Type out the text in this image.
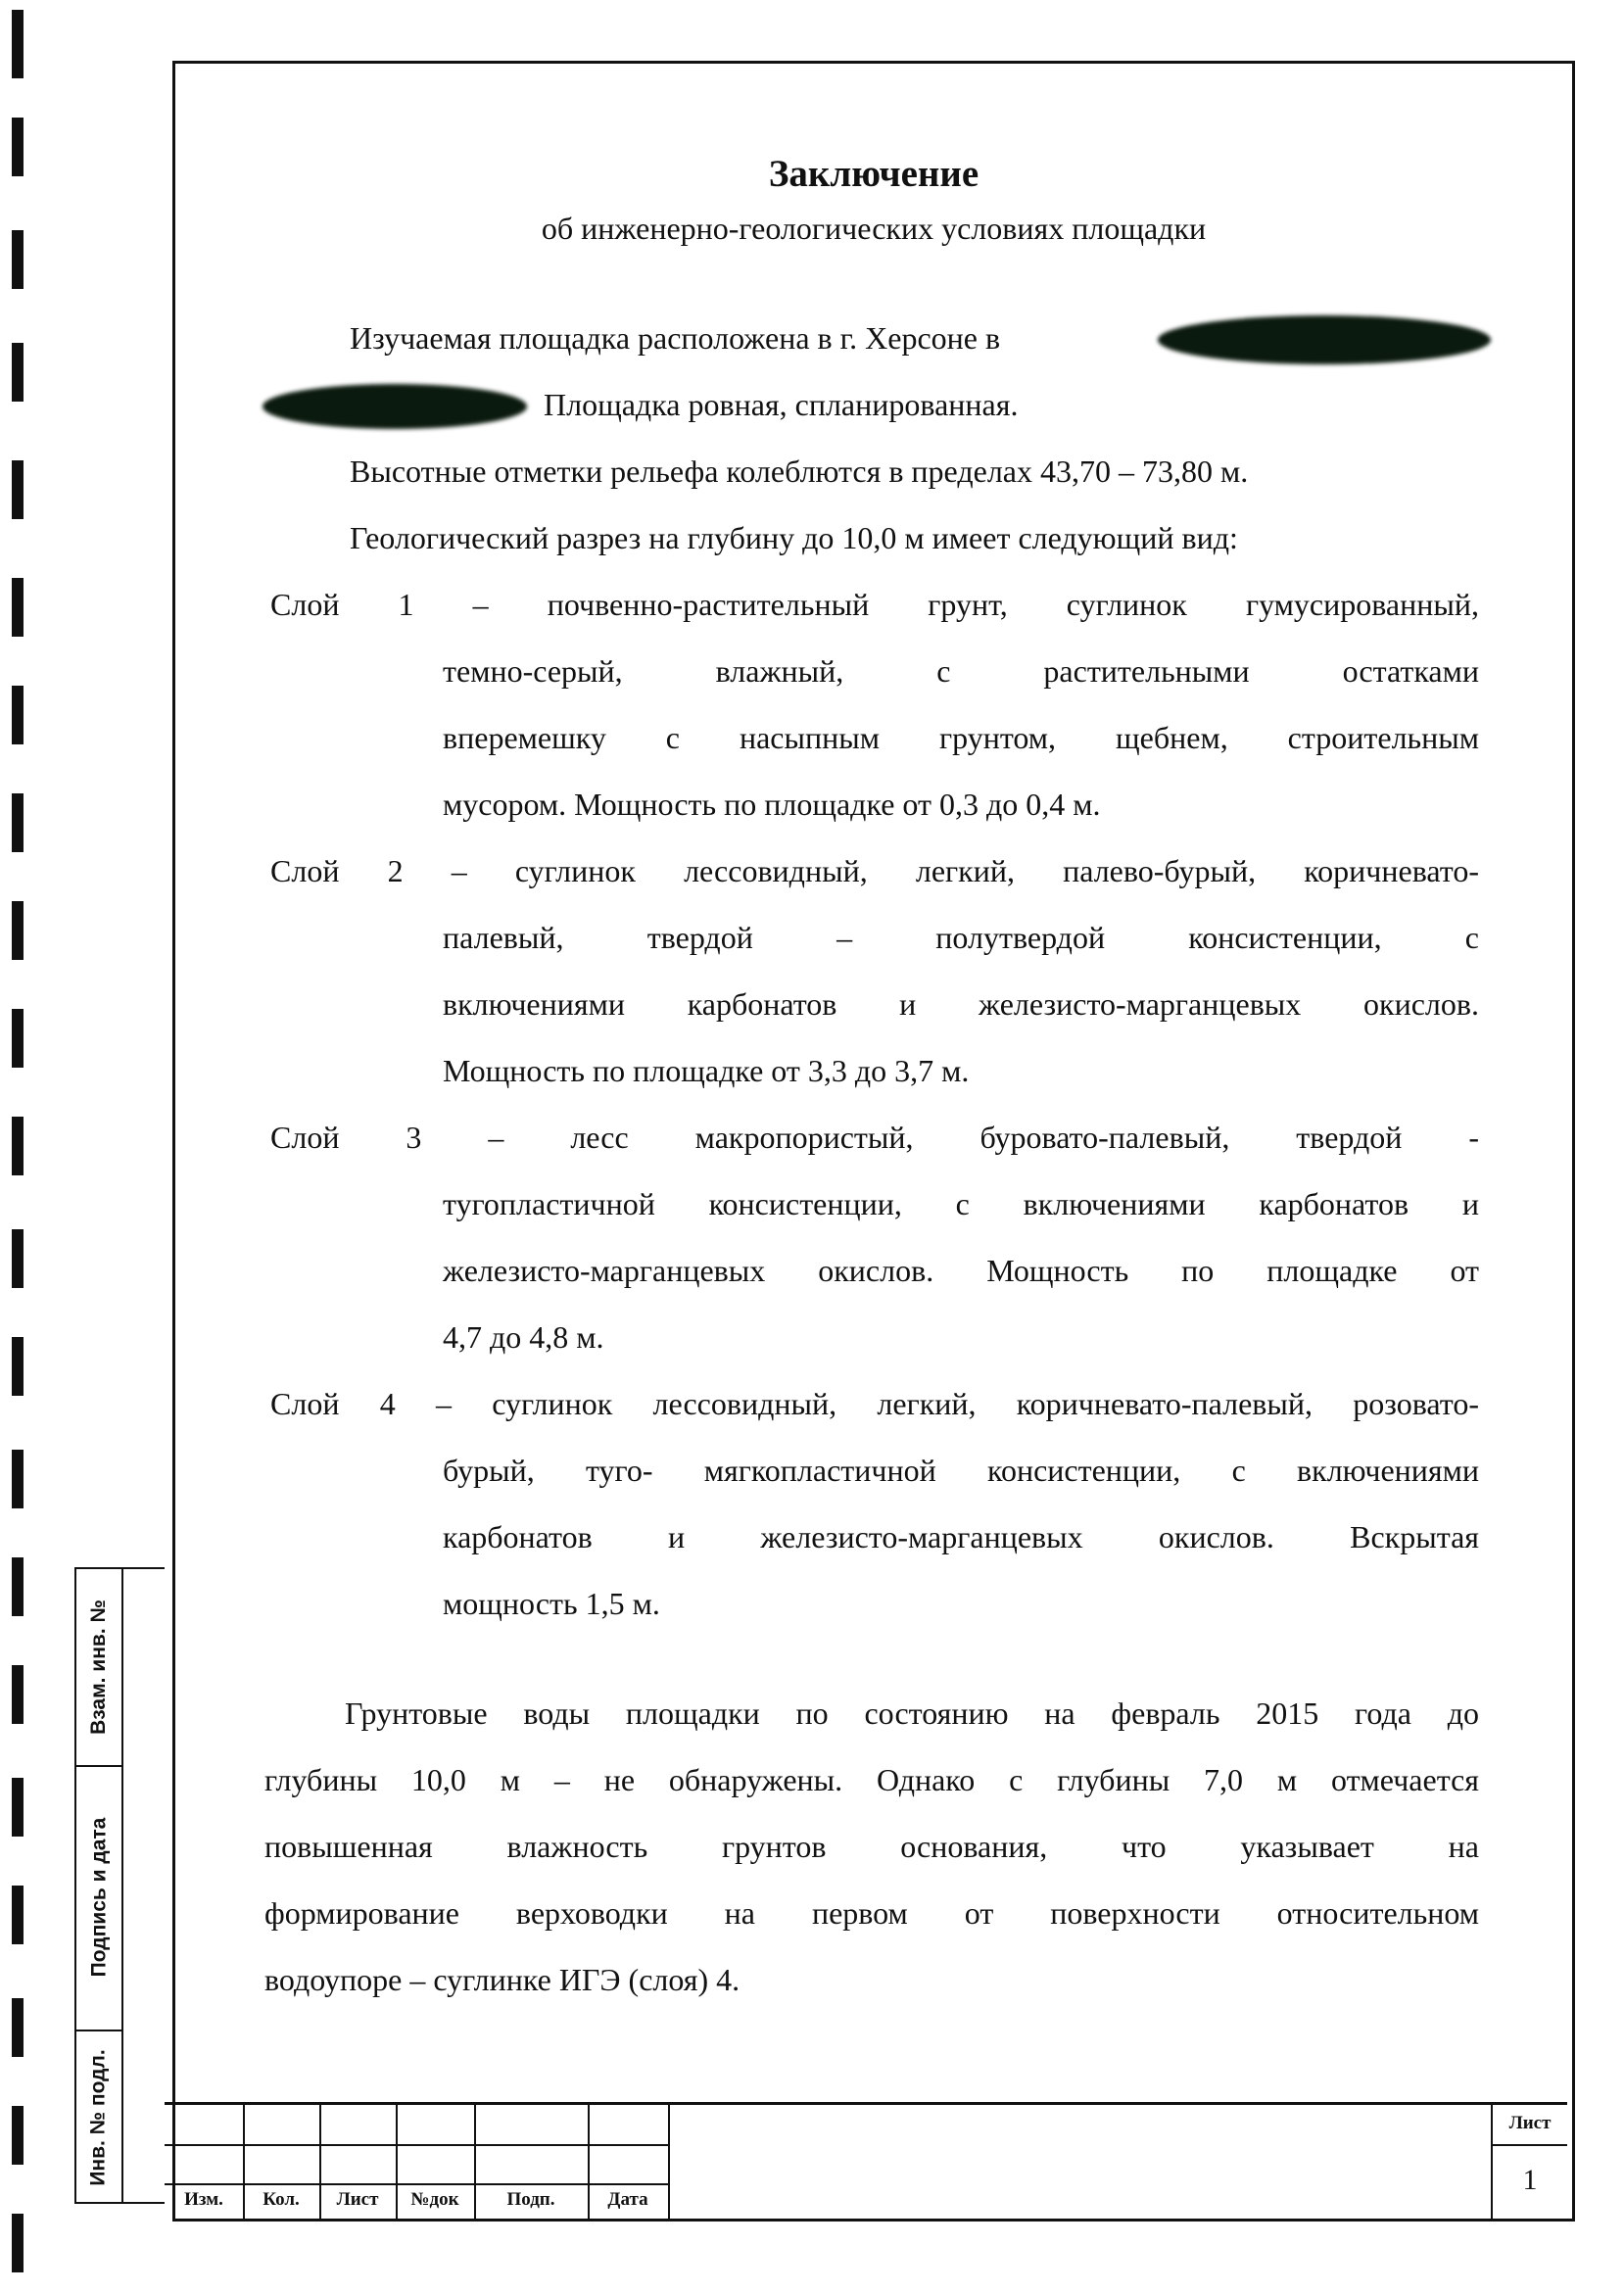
Взам. инв. №
Подпись и дата
Инв. № подл.
Заключение

об инженерно-геологических условиях площадки

Изучаемая площадка расположена в г. Херсоне в

Площадка ровная, спланированная.

Высотные отметки рельефа колеблются в пределах 43,70 – 73,80 м.

Геологический разрез на глубину до 10,0 м имеет следующий вид:

Слой 1 – почвенно-растительный грунт, суглинок гумусированный,

темно-серый, влажный, с растительными остатками

вперемешку с насыпным грунтом, щебнем, строительным

мусором. Мощность по площадке от 0,3 до 0,4 м.

Слой 2 – суглинок лессовидный, легкий, палево-бурый, коричневато-

палевый, твердой – полутвердой консистенции, с

включениями карбонатов и железисто-марганцевых окислов.

Мощность по площадке от 3,3 до 3,7 м.

Слой 3 – лесс макропористый, буровато-палевый, твердой -

тугопластичной консистенции, с включениями карбонатов и

железисто-марганцевых окислов. Мощность по площадке от

4,7 до 4,8 м.

Слой 4 – суглинок лессовидный, легкий, коричневато-палевый, розовато-

бурый, туго- мягкопластичной консистенции, с включениями

карбонатов и железисто-марганцевых окислов. Вскрытая

мощность 1,5 м.

Грунтовые воды площадки по состоянию на февраль 2015 года до

глубины 10,0 м – не обнаружены. Однако с глубины 7,0 м отмечается

повышенная влажность грунтов основания, что указывает на

формирование верховодки на первом от поверхности относительном

водоупоре – суглинке ИГЭ (слоя) 4.

Изм.	Кол.	Лист	№док	Подп.	Дата
Лист
1
